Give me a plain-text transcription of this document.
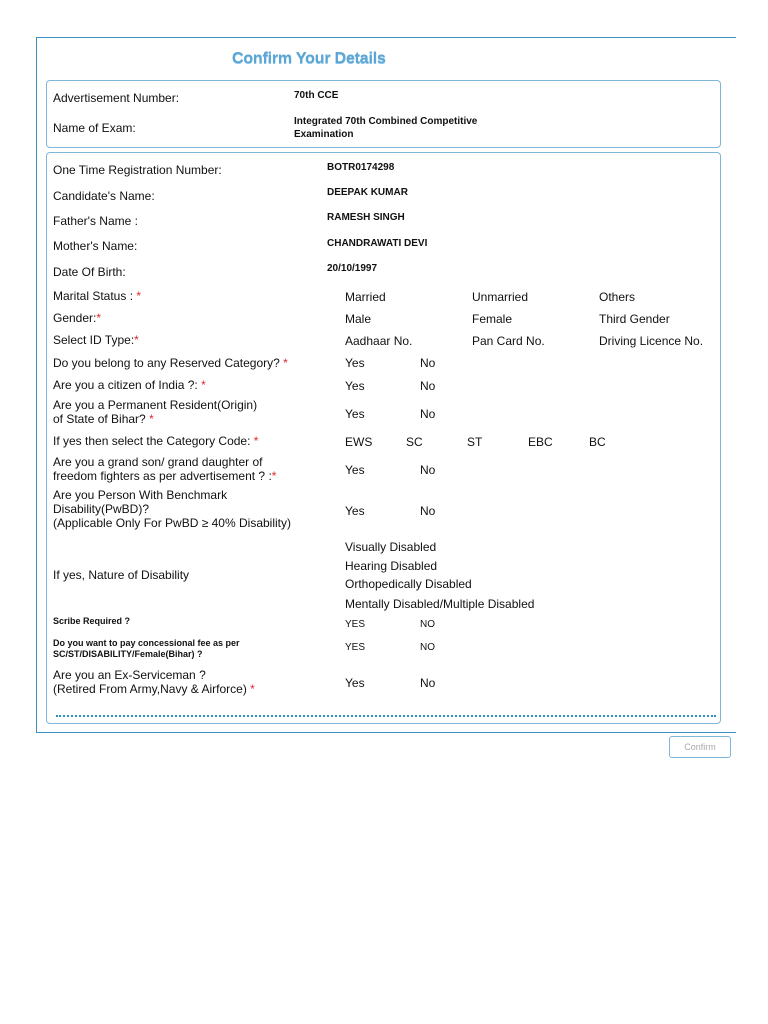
Confirm Your Details
Advertisement Number:	70th CCE
Name of Exam:	Integrated 70th Combined Competitive
Examination
One Time Registration Number:	BOTR0174298
Candidate's Name:	DEEPAK KUMAR
Father's Name :	RAMESH SINGH
Mother's Name:	CHANDRAWATI DEVI
Date Of Birth:	20/10/1997
Marital Status : *	Married	Unmarried	Others
Gender:*	Male	Female	Third Gender
Select ID Type:*	Aadhaar No.	Pan Card No.	Driving Licence No.
Do you belong to any Reserved Category? *	Yes	No
Are you a citizen of India ?: *	Yes	No
Are you a Permanent Resident(Origin)
of State of Bihar? *	Yes	No
If yes then select the Category Code: *	EWS	SC	ST	EBC	BC
Are you a grand son/ grand daughter of
freedom fighters as per advertisement ? :*	Yes	No
Are you Person With Benchmark
Disability(PwBD)?
(Applicable Only For PwBD ≥ 40% Disability)
Yes	No
If yes, Nature of Disability
Visually Disabled
Hearing Disabled
Orthopedically Disabled
Mentally Disabled/Multiple Disabled
Scribe Required ?	YES	NO
Do you want to pay concessional fee as per
SC/ST/DISABILITY/Female(Bihar) ?
YES	NO
Are you an Ex-Serviceman ?
(Retired From Army,Navy & Airforce) *	Yes	No
Confirm
